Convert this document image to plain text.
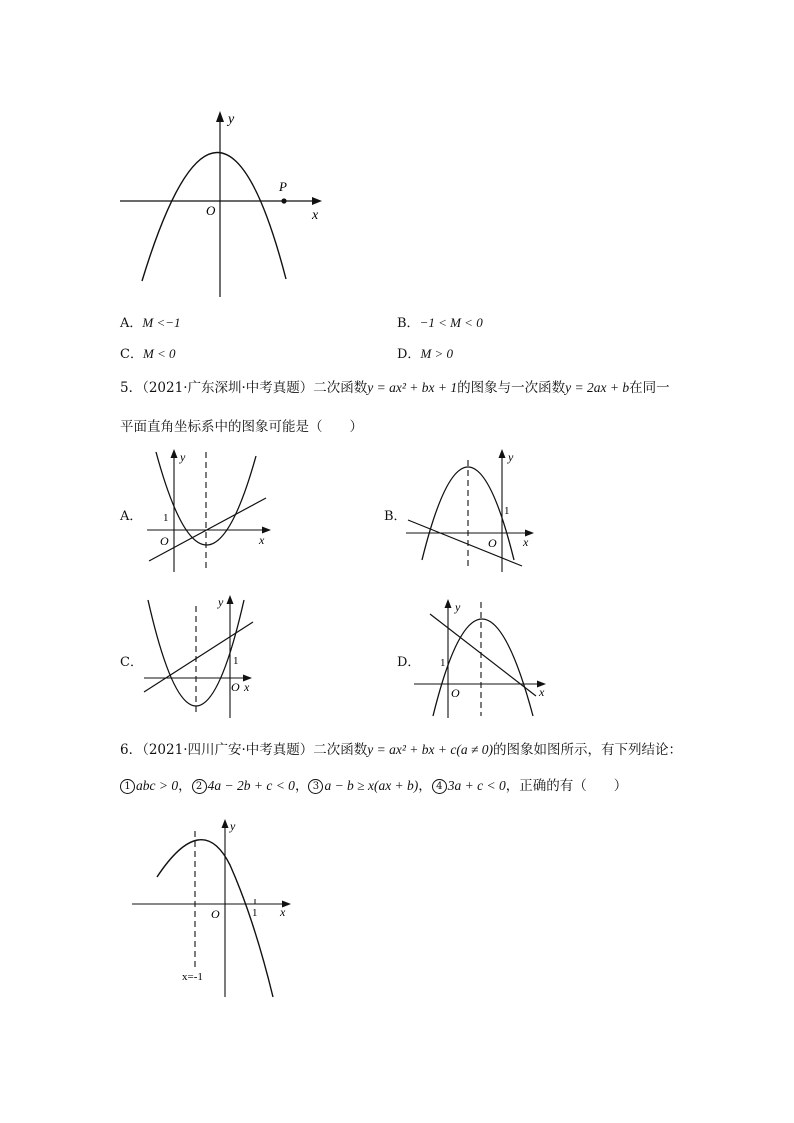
y
x
O
P
A．M <−1	B．−1 < M < 0
C．M < 0	D．M > 0
5．（2021·广东深圳·中考真题）二次函数y = ax² + bx + 1的图象与一次函数y = 2ax + b在同一
平面直角坐标系中的图象可能是（　　）
A．	B．
C．	D．
y
x
O
1
y
x
O
1
y
x
O
1
y
x
O
1
6．（2021·四川广安·中考真题）二次函数y = ax² + bx + c(a ≠ 0)的图象如图所示，有下列结论：
1 abc > 0， 2 4a − 2b + c < 0， 3 a − b ≥ x(ax + b)， 4 3a + c < 0，正确的有（　　）
y
x
O	1
x=-1
